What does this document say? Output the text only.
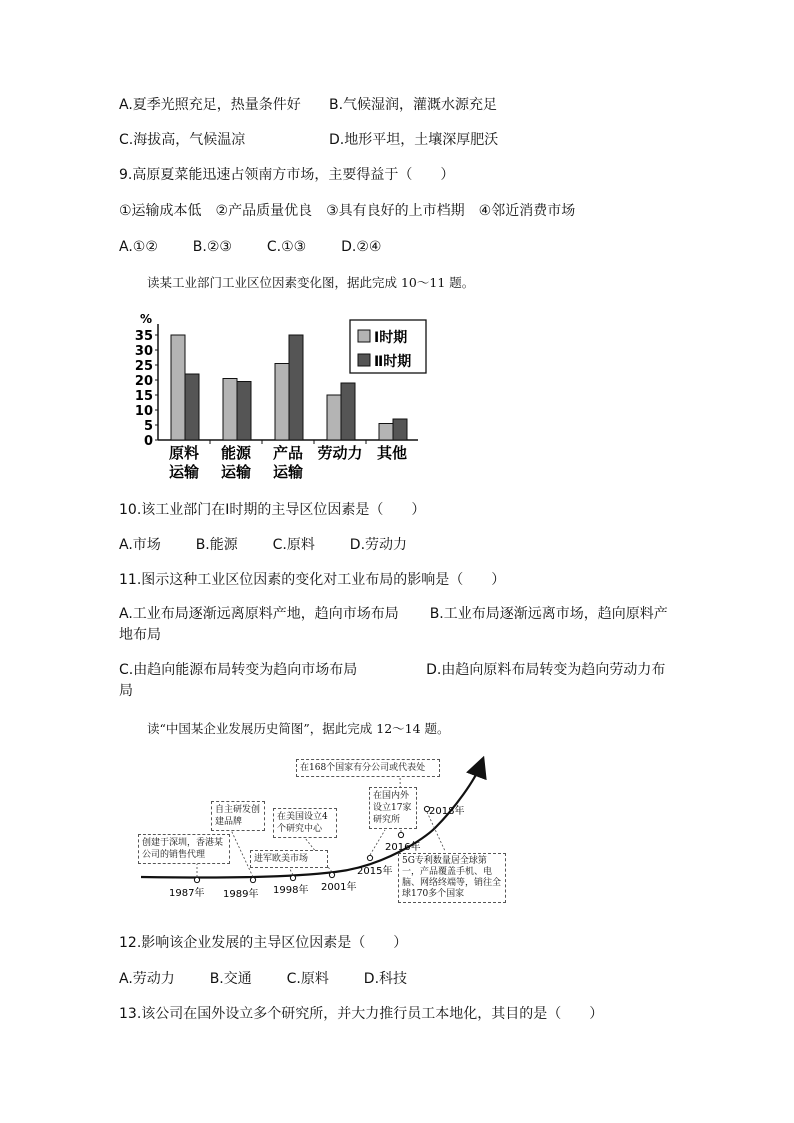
A.夏季光照充足，热量条件好 B.气候湿润，灌溉水源充足
C.海拔高，气候温凉	D.地形平坦，土壤深厚肥沃
9.高原夏菜能迅速占领南方市场，主要得益于（　　）
①运输成本低　②产品质量优良　③具有良好的上市档期　④邻近消费市场
A.①② B.②③ C.①③ D.②④
读某工业部门工业区位因素变化图，据此完成 10～11 题。
%
0
5
10
15
20
25
30
35
原料
运输
能源
运输
产品
运输
劳动力 其他
Ⅰ时期
Ⅱ时期
10.该工业部门在Ⅰ时期的主导区位因素是（　　）
A.市场 B.能源 C.原料 D.劳动力
11.图示这种工业区位因素的变化对工业布局的影响是（　　）
A.工业布局逐渐远离原料产地，趋向市场布局 B.工业布局逐渐远离市场，趋向原料产地布局
C.由趋向能源布局转变为趋向市场布局	D.由趋向原料布局转变为趋向劳动力布局
读“中国某企业发展历史简图”，据此完成 12～14 题。
1987年 1989年 1998年 2001年
2015年
2016年
2018年
创建于深圳，香港某公司的销售代理
自主研发创建品牌
进军欧美市场
在美国设立4个研究中心
在国内外设立17家研究所
在168个国家有分公司或代表处
5G专利数量居全球第一，产品覆盖手机、电脑、网络终端等，销往全球170多个国家
12.影响该企业发展的主导区位因素是（　　）
A.劳动力 B.交通 C.原料 D.科技
13.该公司在国外设立多个研究所，并大力推行员工本地化，其目的是（　　）
